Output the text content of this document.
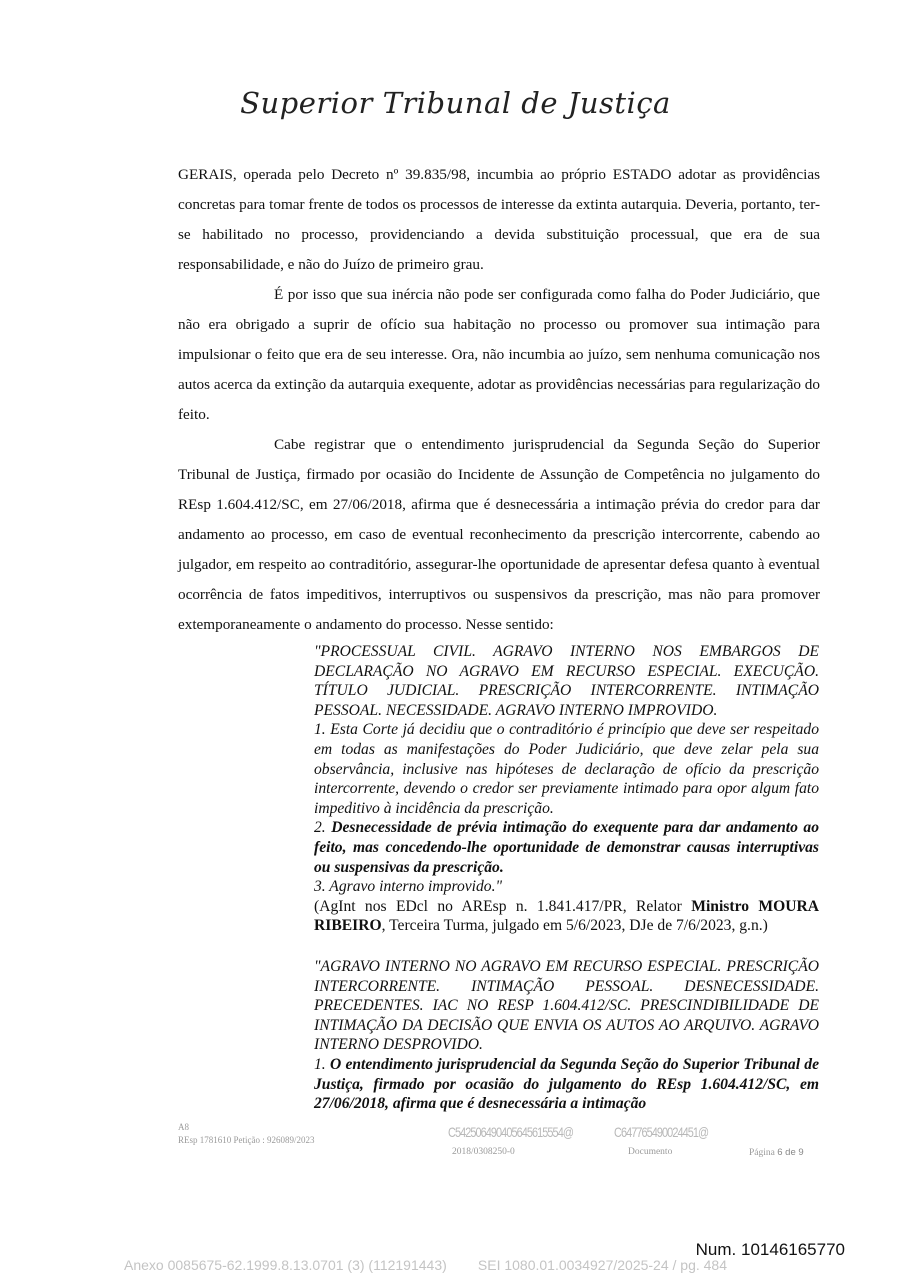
Superior Tribunal de Justiça

GERAIS, operada pelo Decreto nº 39.835/98, incumbia ao próprio ESTADO adotar as providências concretas para tomar frente de todos os processos de interesse da extinta autarquia. Deveria, portanto, ter-se habilitado no processo, providenciando a devida substituição processual, que era de sua responsabilidade, e não do Juízo de primeiro grau.

É por isso que sua inércia não pode ser configurada como falha do Poder Judiciário, que não era obrigado a suprir de ofício sua habitação no processo ou promover sua intimação para impulsionar o feito que era de seu interesse. Ora, não incumbia ao juízo, sem nenhuma comunicação nos autos acerca da extinção da autarquia exequente, adotar as providências necessárias para regularização do feito.

Cabe registrar que o entendimento jurisprudencial da Segunda Seção do Superior Tribunal de Justiça, firmado por ocasião do Incidente de Assunção de Competência no julgamento do REsp 1.604.412/SC, em 27/06/2018, afirma que é desnecessária a intimação prévia do credor para dar andamento ao processo, em caso de eventual reconhecimento da prescrição intercorrente, cabendo ao julgador, em respeito ao contraditório, assegurar-lhe oportunidade de apresentar defesa quanto à eventual ocorrência de fatos impeditivos, interruptivos ou suspensivos da prescrição, mas não para promover extemporaneamente o andamento do processo. Nesse sentido:

"PROCESSUAL CIVIL. AGRAVO INTERNO NOS EMBARGOS DE DECLARAÇÃO NO AGRAVO EM RECURSO ESPECIAL. EXECUÇÃO. TÍTULO JUDICIAL. PRESCRIÇÃO INTERCORRENTE. INTIMAÇÃO PESSOAL. NECESSIDADE. AGRAVO INTERNO IMPROVIDO.

1. Esta Corte já decidiu que o contraditório é princípio que deve ser respeitado em todas as manifestações do Poder Judiciário, que deve zelar pela sua observância, inclusive nas hipóteses de declaração de ofício da prescrição intercorrente, devendo o credor ser previamente intimado para opor algum fato impeditivo à incidência da prescrição.

2. Desnecessidade de prévia intimação do exequente para dar andamento ao feito, mas concedendo-lhe oportunidade de demonstrar causas interruptivas ou suspensivas da prescrição.

3. Agravo interno improvido."

(AgInt nos EDcl no AREsp n. 1.841.417/PR, Relator Ministro MOURA RIBEIRO, Terceira Turma, julgado em 5/6/2023, DJe de 7/6/2023, g.n.)

"AGRAVO INTERNO NO AGRAVO EM RECURSO ESPECIAL. PRESCRIÇÃO INTERCORRENTE. INTIMAÇÃO PESSOAL. DESNECESSIDADE. PRECEDENTES. IAC NO RESP 1.604.412/SC. PRESCINDIBILIDADE DE INTIMAÇÃO DA DECISÃO QUE ENVIA OS AUTOS AO ARQUIVO. AGRAVO INTERNO DESPROVIDO.

1. O entendimento jurisprudencial da Segunda Seção do Superior Tribunal de Justiça, firmado por ocasião do julgamento do REsp 1.604.412/SC, em 27/06/2018, afirma que é desnecessária a intimação

A8
REsp 1781610 Petição : 926089/2023	C542506490405645615554@
2018/0308250-0
C647765490024451@
Documento	Página 6 de 9
Num. 10146165770
Anexo 0085675-62.1999.8.13.0701 (3) (112191443)        SEI 1080.01.0034927/2025-24 / pg. 484
